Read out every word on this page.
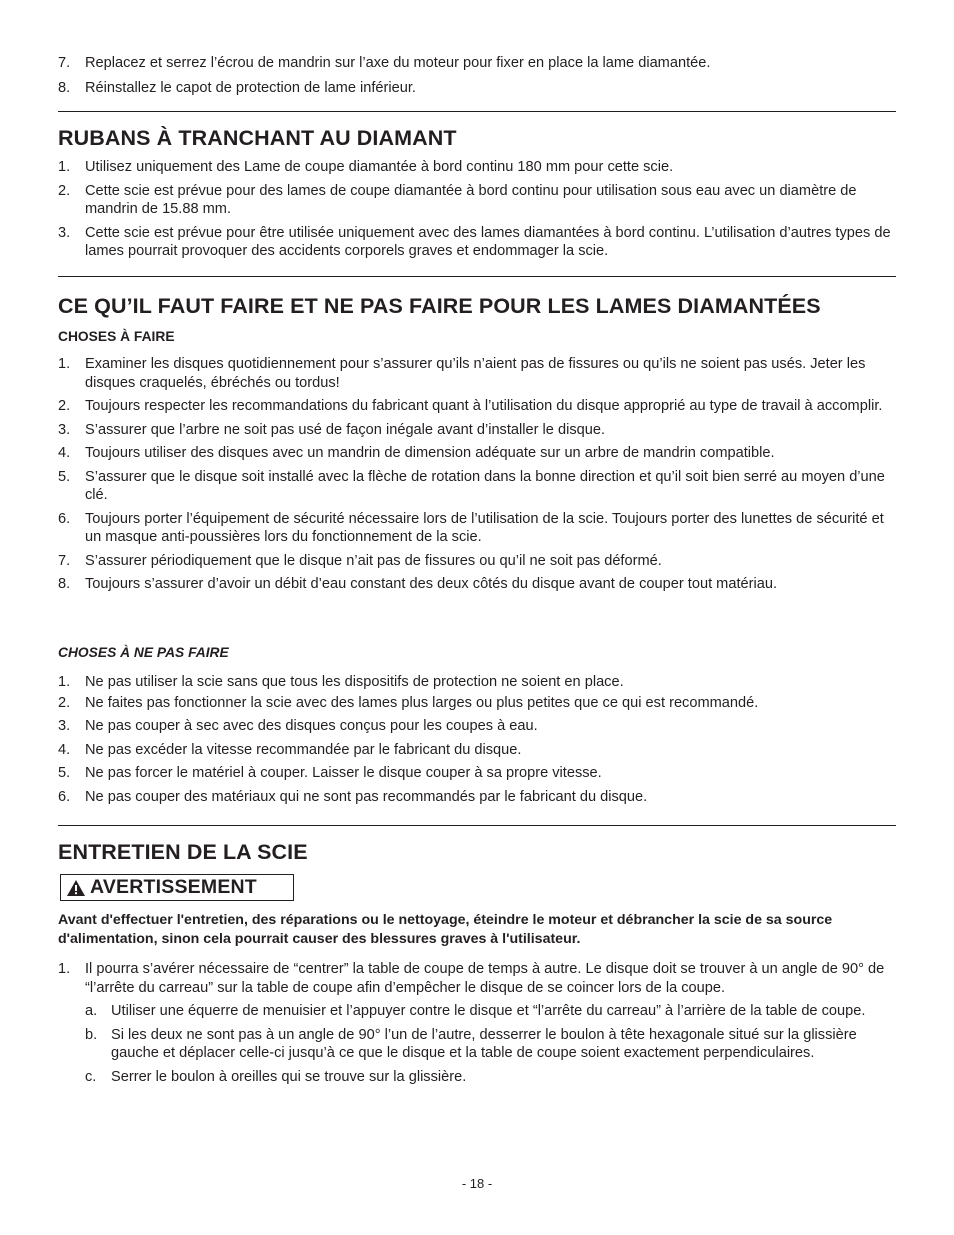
7. Replacez et serrez l’écrou de mandrin sur l’axe du moteur pour fixer en place la lame diamantée.
8. Réinstallez le capot de protection de lame inférieur.
RUBANS À TRANCHANT AU DIAMANT
1. Utilisez uniquement des Lame de coupe diamantée à bord continu 180 mm pour cette scie.
2. Cette scie est prévue pour des lames de coupe diamantée à bord continu pour utilisation sous eau avec un diamètre de mandrin de 15.88 mm.
3. Cette scie est prévue pour être utilisée uniquement avec des lames diamantées à bord continu. L’utilisation d’autres types de lames pourrait provoquer des accidents corporels graves et endommager la scie.
CE QU’IL FAUT FAIRE ET NE PAS FAIRE POUR LES LAMES DIAMANTÉES

CHOSES À FAIRE

1. Examiner les disques quotidiennement pour s’assurer qu’ils n’aient pas de fissures ou qu’ils ne soient pas usés. Jeter les disques craquelés, ébréchés ou tordus!
2. Toujours respecter les recommandations du fabricant quant à l’utilisation du disque approprié au type de travail à accomplir.
3. S’assurer que l’arbre ne soit pas usé de façon inégale avant d’installer le disque.
4. Toujours utiliser des disques avec un mandrin de dimension adéquate sur un arbre de mandrin compatible.
5. S’assurer que le disque soit installé avec la flèche de rotation dans la bonne direction et qu’il soit bien serré au moyen d’une clé.
6. Toujours porter l’équipement de sécurité nécessaire lors de l’utilisation de la scie. Toujours porter des lunettes de sécurité et un masque anti-poussières lors du fonctionnement de la scie.
7. S’assurer périodiquement que le disque n’ait pas de fissures ou qu’il ne soit pas déformé.
8. Toujours s’assurer d’avoir un débit d’eau constant des deux côtés du disque avant de couper tout matériau.

CHOSES À NE PAS FAIRE

1. Ne pas utiliser la scie sans que tous les dispositifs de protection ne soient en place.
2. Ne faites pas fonctionner la scie avec des lames plus larges ou plus petites que ce qui est recommandé.
3. Ne pas couper à sec avec des disques conçus pour les coupes à eau.
4. Ne pas excéder la vitesse recommandée par le fabricant du disque.
5. Ne pas forcer le matériel à couper. Laisser le disque couper à sa propre vitesse.
6. Ne pas couper des matériaux qui ne sont pas recommandés par le fabricant du disque.
ENTRETIEN DE LA SCIE
AVERTISSEMENT
Avant d'effectuer l'entretien, des réparations ou le nettoyage, éteindre le moteur et débrancher la scie de sa source d'alimentation, sinon cela pourrait causer des blessures graves à l'utilisateur.
1. Il pourra s’avérer nécessaire de “centrer” la table de coupe de temps à autre. Le disque doit se trouver à un angle de 90° de “l’arrête du carreau” sur la table de coupe afin d’empêcher le disque de se coincer lors de la coupe.
a. Utiliser une équerre de menuisier et l’appuyer contre le disque et “l’arrête du carreau” à l’arrière de la table de coupe.
b. Si les deux ne sont pas à un angle de 90° l’un de l’autre, desserrer le boulon à tête hexagonale situé sur la glissière gauche et déplacer celle-ci jusqu’à ce que le disque et la table de coupe soient exactement perpendiculaires.
c. Serrer le boulon à oreilles qui se trouve sur la glissière.
- 18 -
